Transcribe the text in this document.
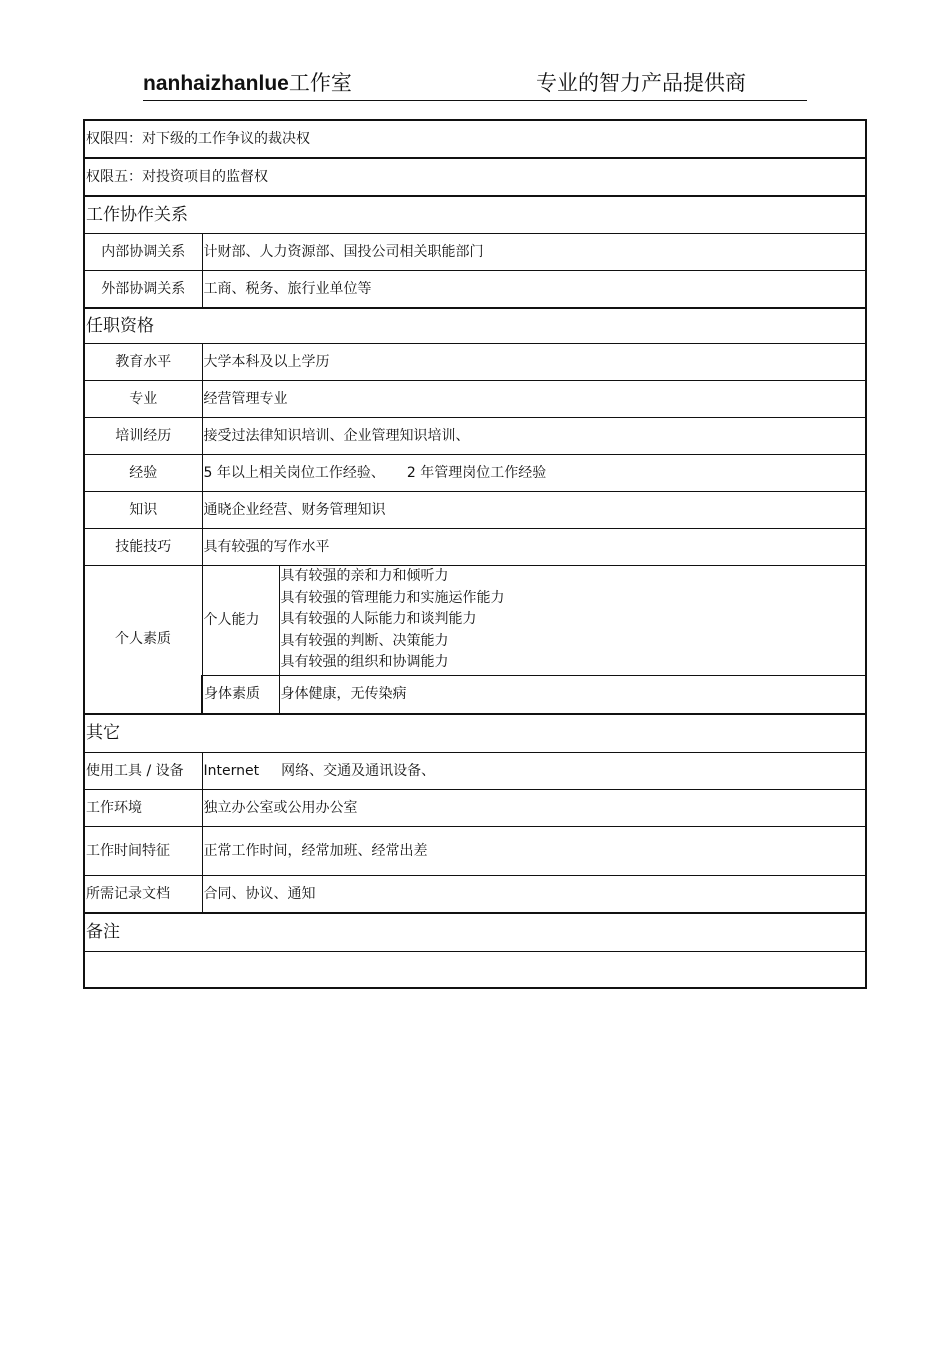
nanhaizhanlue工作室	专业的智力产品提供商
权限四：对下级的工作争议的裁决权		
权限五：对投资项目的监督权		
工作协作关系		
内部协调关系	计财部、人力资源部、国投公司相关职能部门	
外部协调关系	工商、税务、旅行业单位等	
任职资格		
教育水平	大学本科及以上学历	
专业	经营管理专业	
培训经历	接受过法律知识培训、企业管理知识培训、	
经验	5 年以上相关岗位工作经验、 2 年管理岗位工作经验	
知识	通晓企业经营、财务管理知识	
技能技巧	具有较强的写作水平	
个人素质	个人能力	具有较强的亲和力和倾听力
具有较强的管理能力和实施运作能力
具有较强的人际能力和谈判能力
具有较强的判断、决策能力
具有较强的组织和协调能力

	身体素质	身体健康，无传染病
其它		
使用工具 / 设备	Internet 网络、交通及通讯设备、	
工作环境	独立办公室或公用办公室	
工作时间特征	正常工作时间，经常加班、经常出差	
所需记录文档	合同、协议、通知	
备注		
